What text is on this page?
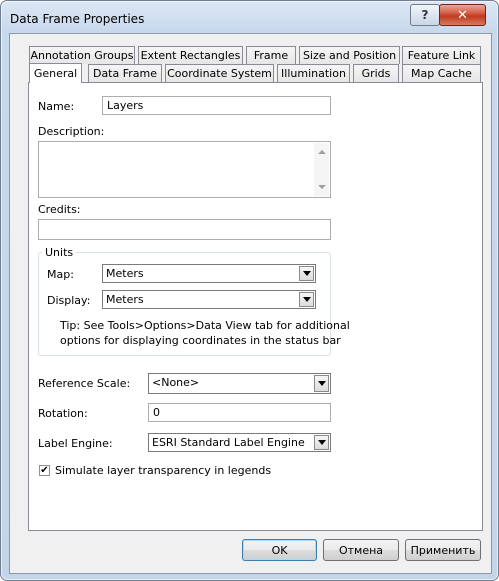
Data Frame Properties	?	✕
Annotation Groups Extent Rectangles	Frame	Size and Position	Feature Link
General	Data Frame Coordinate System Illumination	Grids	Map Cache
Name:	Layers
Description:
Credits:
Units
Map:	Meters
Display: Meters
Tip: See Tools>Options>Data View tab for additional
options for displaying coordinates in the status bar
Reference Scale: <None>
Rotation:	0
Label Engine:	ESRI Standard Label Engine
✔ Simulate layer transparency in legends
OK	Отмена	Применить
